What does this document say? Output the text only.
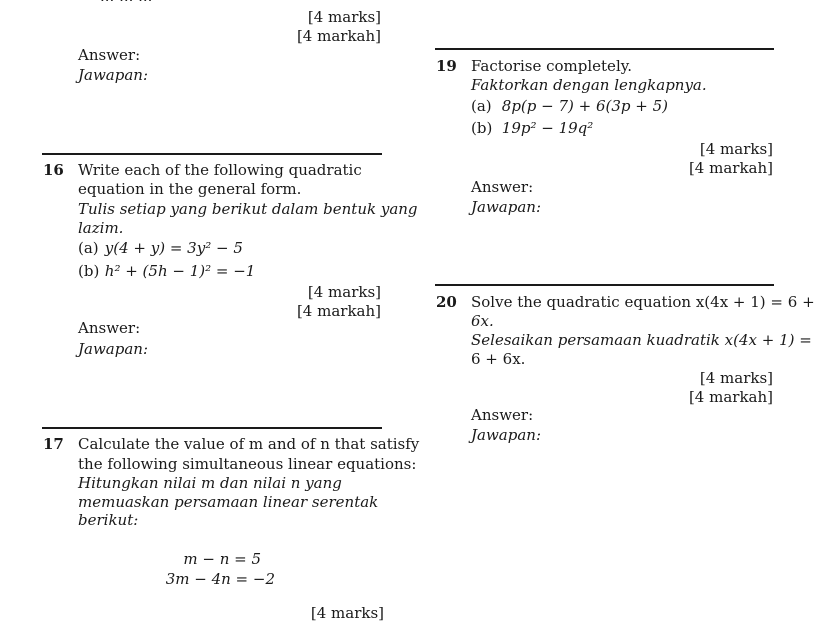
[4 marks]
[4 markah]
Answer:
Jawapan:
16 Write each of the following quadratic
equation in the general form.
Tulis setiap yang berikut dalam bentuk yang
lazim.
(a) y(4 + y) = 3y² − 5
(b) h² + (5h − 1)² = −1
[4 marks]
[4 markah]
Answer:
Jawapan:
17 Calculate the value of m and of n that satisfy
the following simultaneous linear equations:
Hitungkan nilai m dan nilai n yang
memuaskan persamaan linear serentak
berikut:
m − n = 5
3m − 4n = −2
[4 marks]
19 Factorise completely.
Faktorkan dengan lengkapnya.
(a) 8p(p − 7) + 6(3p + 5)
(b) 19p² − 19q²
[4 marks]
[4 markah]
Answer:
Jawapan:
20 Solve the quadratic equation x(4x + 1) = 6 +
6x.
Selesaikan persamaan kuadratik x(4x + 1) =
6 + 6x.
[4 marks]
[4 markah]
Answer:
Jawapan:
